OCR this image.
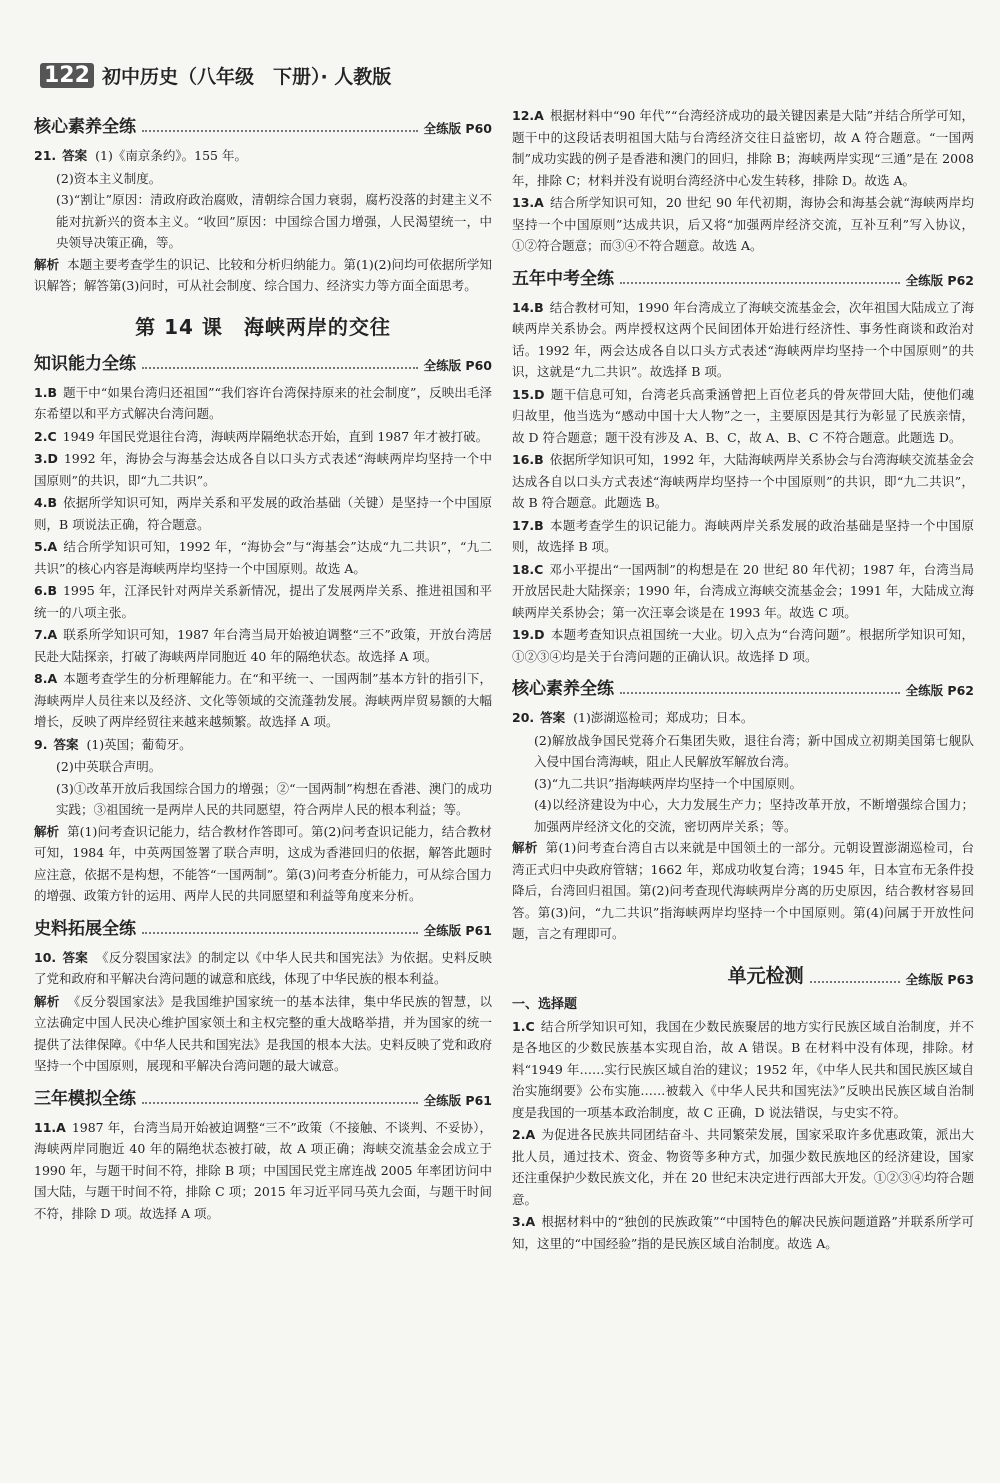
122 初中历史（八年级　下册）· 人教版
核心素养全练	全练版 P60
21. 答案 (1)《南京条约》。155 年。
(2)资本主义制度。
(3)“割让”原因：清政府政治腐败，清朝综合国力衰弱，腐朽没落的封建主义不能对抗新兴的资本主义。“收回”原因：中国综合国力增强，人民渴望统一，中央领导决策正确，等。
解析 本题主要考查学生的识记、比较和分析归纳能力。第(1)(2)问均可依据所学知识解答；解答第(3)问时，可从社会制度、综合国力、经济实力等方面全面思考。
第 14 课　海峡两岸的交往
知识能力全练	全练版 P60
1.B 题干中“如果台湾归还祖国”“我们容许台湾保持原来的社会制度”，反映出毛泽东希望以和平方式解决台湾问题。
2.C 1949 年国民党退往台湾，海峡两岸隔绝状态开始，直到 1987 年才被打破。
3.D 1992 年，海协会与海基会达成各自以口头方式表述“海峡两岸均坚持一个中国原则”的共识，即“九二共识”。
4.B 依据所学知识可知，两岸关系和平发展的政治基础（关键）是坚持一个中国原则，B 项说法正确，符合题意。
5.A 结合所学知识可知，1992 年，“海协会”与“海基会”达成“九二共识”，“九二共识”的核心内容是海峡两岸均坚持一个中国原则。故选 A。
6.B 1995 年，江泽民针对两岸关系新情况，提出了发展两岸关系、推进祖国和平统一的八项主张。
7.A 联系所学知识可知，1987 年台湾当局开始被迫调整“三不”政策，开放台湾居民赴大陆探亲，打破了海峡两岸同胞近 40 年的隔绝状态。故选择 A 项。
8.A 本题考查学生的分析理解能力。在“和平统一、一国两制”基本方针的指引下，海峡两岸人员往来以及经济、文化等领域的交流蓬勃发展。海峡两岸贸易额的大幅增长，反映了两岸经贸往来越来越频繁。故选择 A 项。
9. 答案 (1)英国；葡萄牙。
(2)中英联合声明。
(3)①改革开放后我国综合国力的增强；②“一国两制”构想在香港、澳门的成功实践；③祖国统一是两岸人民的共同愿望，符合两岸人民的根本利益；等。
解析 第(1)问考查识记能力，结合教材作答即可。第(2)问考查识记能力，结合教材可知，1984 年，中英两国签署了联合声明，这成为香港回归的依据，解答此题时应注意，依据不是构想，不能答“一国两制”。第(3)问考查分析能力，可从综合国力的增强、政策方针的运用、两岸人民的共同愿望和利益等角度来分析。
史料拓展全练	全练版 P61
10. 答案 《反分裂国家法》的制定以《中华人民共和国宪法》为依据。史料反映了党和政府和平解决台湾问题的诚意和底线，体现了中华民族的根本利益。
解析 《反分裂国家法》是我国维护国家统一的基本法律，集中华民族的智慧，以立法确定中国人民决心维护国家领土和主权完整的重大战略举措，并为国家的统一提供了法律保障。《中华人民共和国宪法》是我国的根本大法。史料反映了党和政府坚持一个中国原则，展现和平解决台湾问题的最大诚意。
三年模拟全练	全练版 P61
11.A 1987 年，台湾当局开始被迫调整“三不”政策（不接触、不谈判、不妥协），海峡两岸同胞近 40 年的隔绝状态被打破，故 A 项正确；海峡交流基金会成立于 1990 年，与题干时间不符，排除 B 项；中国国民党主席连战 2005 年率团访问中国大陆，与题干时间不符，排除 C 项；2015 年习近平同马英九会面，与题干时间不符，排除 D 项。故选择 A 项。
12.A 根据材料中“90 年代”“台湾经济成功的最关键因素是大陆”并结合所学可知，题干中的这段话表明祖国大陆与台湾经济交往日益密切，故 A 符合题意。“一国两制”成功实践的例子是香港和澳门的回归，排除 B；海峡两岸实现“三通”是在 2008 年，排除 C；材料并没有说明台湾经济中心发生转移，排除 D。故选 A。
13.A 结合所学知识可知，20 世纪 90 年代初期，海协会和海基会就“海峡两岸均坚持一个中国原则”达成共识，后又将“加强两岸经济交流，互补互利”写入协议，①②符合题意；而③④不符合题意。故选 A。
五年中考全练	全练版 P62
14.B 结合教材可知，1990 年台湾成立了海峡交流基金会，次年祖国大陆成立了海峡两岸关系协会。两岸授权这两个民间团体开始进行经济性、事务性商谈和政治对话。1992 年，两会达成各自以口头方式表述“海峡两岸均坚持一个中国原则”的共识，这就是“九二共识”。故选择 B 项。
15.D 题干信息可知，台湾老兵高秉涵曾把上百位老兵的骨灰带回大陆，使他们魂归故里，他当选为“感动中国十大人物”之一，主要原因是其行为彰显了民族亲情，故 D 符合题意；题干没有涉及 A、B、C，故 A、B、C 不符合题意。此题选 D。
16.B 依据所学知识可知，1992 年，大陆海峡两岸关系协会与台湾海峡交流基金会达成各自以口头方式表述“海峡两岸均坚持一个中国原则”的共识，即“九二共识”，故 B 符合题意。此题选 B。
17.B 本题考查学生的识记能力。海峡两岸关系发展的政治基础是坚持一个中国原则，故选择 B 项。
18.C 邓小平提出“一国两制”的构想是在 20 世纪 80 年代初；1987 年，台湾当局开放居民赴大陆探亲；1990 年，台湾成立海峡交流基金会；1991 年，大陆成立海峡两岸关系协会；第一次汪辜会谈是在 1993 年。故选 C 项。
19.D 本题考查知识点祖国统一大业。切入点为“台湾问题”。根据所学知识可知，①②③④均是关于台湾问题的正确认识。故选择 D 项。
核心素养全练	全练版 P62
20. 答案 (1)澎湖巡检司；郑成功；日本。
(2)解放战争国民党蒋介石集团失败，退往台湾；新中国成立初期美国第七舰队入侵中国台湾海峡，阻止人民解放军解放台湾。
(3)“九二共识”指海峡两岸均坚持一个中国原则。
(4)以经济建设为中心，大力发展生产力；坚持改革开放，不断增强综合国力；加强两岸经济文化的交流，密切两岸关系；等。
解析 第(1)问考查台湾自古以来就是中国领土的一部分。元朝设置澎湖巡检司，台湾正式归中央政府管辖；1662 年，郑成功收复台湾；1945 年，日本宣布无条件投降后，台湾回归祖国。第(2)问考查现代海峡两岸分离的历史原因，结合教材容易回答。第(3)问，“九二共识”指海峡两岸均坚持一个中国原则。第(4)问属于开放性问题，言之有理即可。
单元检测	全练版 P63
一、选择题
1.C 结合所学知识可知，我国在少数民族聚居的地方实行民族区域自治制度，并不是各地区的少数民族基本实现自治，故 A 错误。B 在材料中没有体现，排除。材料“1949 年……实行民族区域自治的建议；1952 年，《中华人民共和国民族区域自治实施纲要》公布实施……被载入《中华人民共和国宪法》”反映出民族区域自治制度是我国的一项基本政治制度，故 C 正确，D 说法错误，与史实不符。
2.A 为促进各民族共同团结奋斗、共同繁荣发展，国家采取许多优惠政策，派出大批人员，通过技术、资金、物资等多种方式，加强少数民族地区的经济建设，国家还注重保护少数民族文化，并在 20 世纪末决定进行西部大开发。①②③④均符合题意。
3.A 根据材料中的“独创的民族政策”“中国特色的解决民族问题道路”并联系所学可知，这里的“中国经验”指的是民族区域自治制度。故选 A。
